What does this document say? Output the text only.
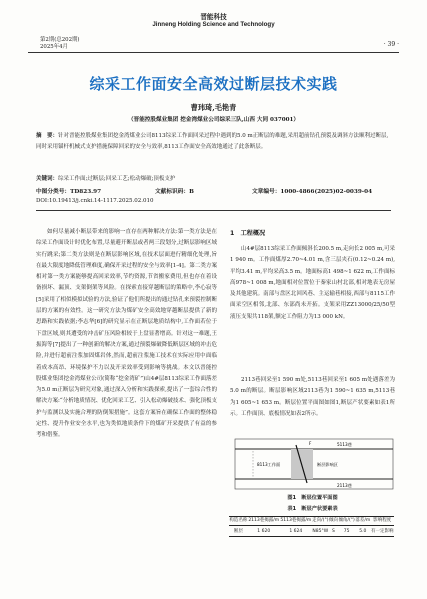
晋能科技
Jinneng Holding Science and Technology
第2期(总202期)
2025年4月	· 39 ·
综采工作面安全高效过断层技术实践
曹玮琦,毛艳青
（晋能控股煤业集团 挖金湾煤业公司综采三队,山西 大同 037001）
摘　要：针对晋能控股煤业集团挖金湾煤业公司8113综采工作面回采过程中遇到的5.0 m正断层的难题,采用超前钻孔预裂及调斜方法顺利过断层,同时采用锚杆机械式支护措施保障回采的安全与效率,8113工作面安全高效地通过了此条断层。
关键词：综采工作面;过断层;回采工艺;松动爆破;顶板支护
中图分类号：TD823.97	文献标识码：B	文章编号：1000-4866(2025)02-0039-04
DOI:10.19413/j.cnki.14-1117.2025.02.010
如何尽量减小断层带来的影响一直存在两种解决方法:第一类方法是在综采工作面设计时优化布置,尽量避开断层或者两三段划分,过断层影响区域实行跳采;第二类方法则是在断层影响区域,在技术层面进行精细化处理,旨在最大限度地降低管理难度,确保开采过程的安全与效率[1-4]。第二类方案相对第一类方案能够提高回采效率,节约资源,节省搬家费用,但也存在着设备损坏、漏顶、支架倒架等风险。在探索直接穿越断层的策略中,李心寂等[5]采用了相似模拟试验的方法,验证了他们所提出的通过钻孔来预裂控制断层的方案的有效性。这一研究方法为煤矿安全高效地穿越断层提供了新的思路和实践依据;李志华[6]的研究显示在正断层地质结构中,工作面若位于下盘区域,则其遭受的冲击矿压风险相较于上盘显著增高。针对这一难题,王振海等[7]提出了一种创新的解决方案,通过预裂爆破降低断层区域的冲击危险,并进行超前注浆加固煤岩体,然而,超前注浆施工技术在实际应用中面临着成本高昂、环境保护不力以及开采效率受到影响等挑战。本文以晋能控股煤业集团挖金湾煤业公司(简称“挖金湾矿”)山4#层8113综采工作面落差为5.0 m正断层为研究对象,通过深入分析和实践探索,提出了一套综合性的解决方案:“分析地质情况、优化回采工艺、引入松动爆破技术、强化顶板支护与监测以及实施合理的防倒架措施”。这套方案旨在确保工作面的整体稳定性、提升作业安全水平,也为类似地质条件下的煤矿开采提供了有益的参考和借鉴。
1　工程概况
山4#层8113综采工作面倾斜长200.5 m,走向长2 005 m,可采1 940 m。工作面煤厚2.70~4.01 m,含三层夹石(0.12~0.24 m),平均3.41 m,平均采高3.5 m。地面标高1 498~1 622 m,工作面标高978~1 008 m,地面相对位置位于秦家山村北部,相对地表无房屋及其他建筑。南部与盘区北回风巷、主运输巷相接,西部与8115工作面采空区相邻,北部、东部尚未开拓。支架采用ZZ13000/25/50型液压支架共118架,额定工作阻力为13 000 kN。
2113巷回采至1 590 m处,5113巷回采至1 605 m处遇落差为5.0 m的断层。断层影响区域2113巷为1 590~1 635 m,5113巷为1 605~1 653 m。断层位置平面图如图1,断层产状要素如表1所示。工作面顶、底板情况如表2所示。
5113巷
2113巷
F
断层影响区
8113工作面
图1　断层位置平面图
表1　断层产状要素表
构造名称	2113巷揭露/m	5113巷揭露/m	走向/(°)	倾向	倾角/(°)	落差/m	影响程度
断层	1 620	1 624	N85°W	S	75	5.0	有一定影响
